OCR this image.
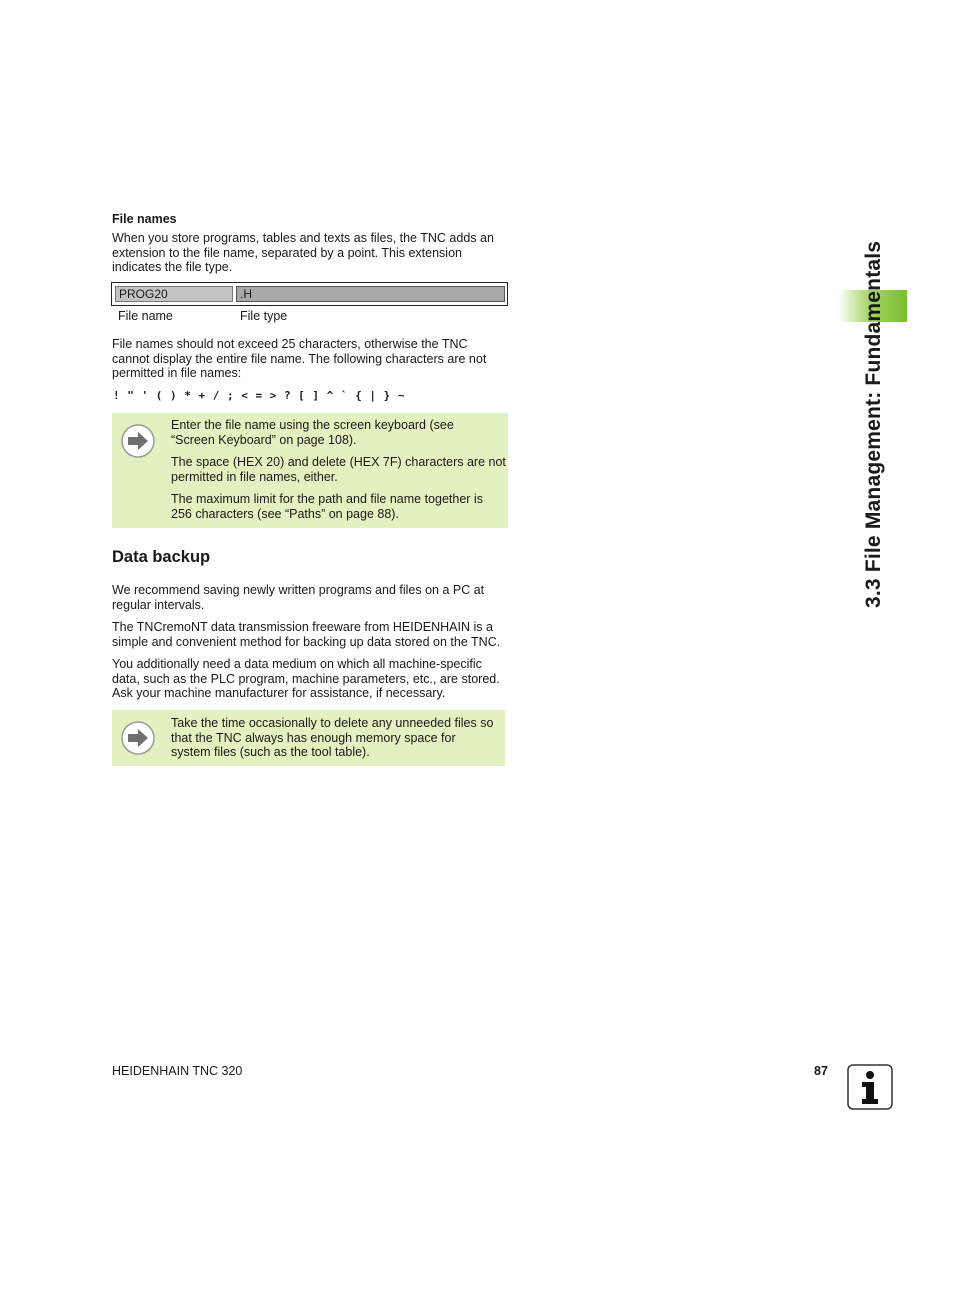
File names
When you store programs, tables and texts as files, the TNC adds an
extension to the file name, separated by a point. This extension
indicates the file type.
PROG20	.H
File name	File type
File names should not exceed 25 characters, otherwise the TNC
cannot display the entire file name. The following characters are not
permitted in file names:
! " ' ( ) * + / ; < = > ? [ ] ^ ` { | } ~
Enter the file name using the screen keyboard (see
“Screen Keyboard” on page 108).
The space (HEX 20) and delete (HEX 7F) characters are not
permitted in file names, either.
The maximum limit for the path and file name together is
256 characters (see “Paths” on page 88).
Data backup
We recommend saving newly written programs and files on a PC at
regular intervals.
The TNCremoNT data transmission freeware from HEIDENHAIN is a
simple and convenient method for backing up data stored on the TNC.
You additionally need a data medium on which all machine-specific
data, such as the PLC program, machine parameters, etc., are stored.
Ask your machine manufacturer for assistance, if necessary.
Take the time occasionally to delete any unneeded files so
that the TNC always has enough memory space for
system files (such as the tool table).
3.3 File Management: Fundamentals
HEIDENHAIN TNC 320	87
